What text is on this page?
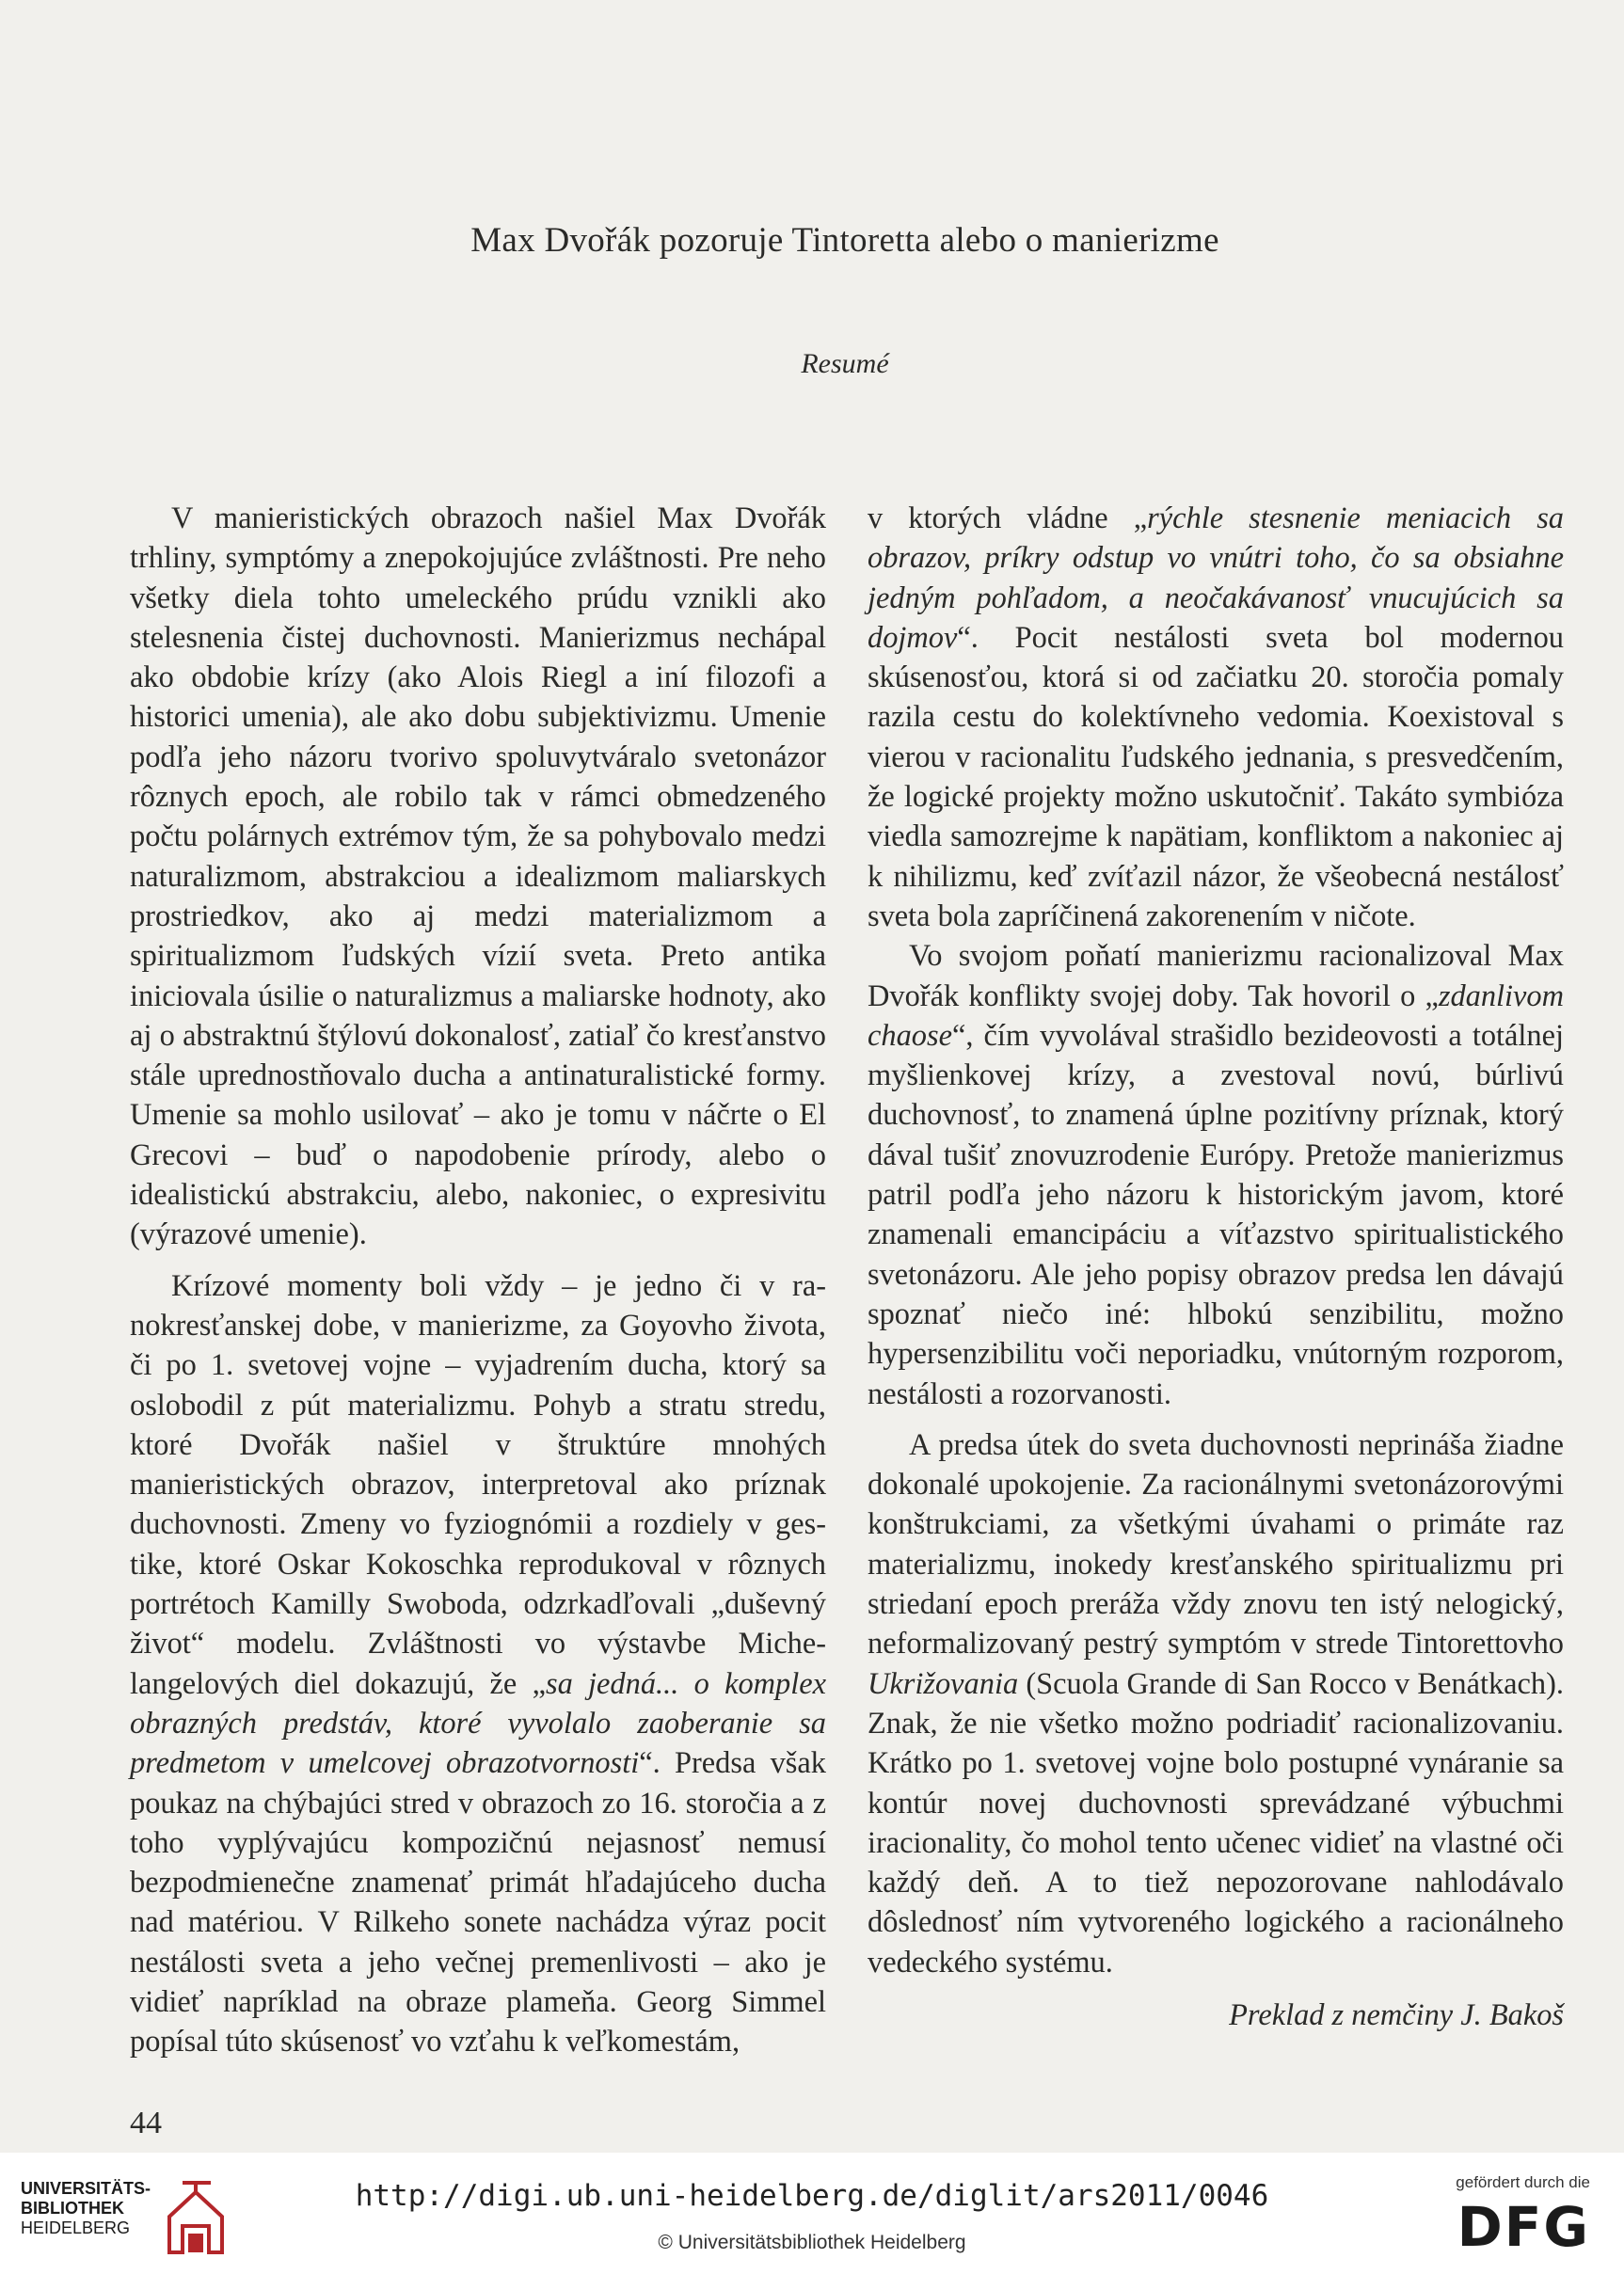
Max Dvořák pozoruje Tintoretta alebo o manierizme
Resumé

V manieristických obrazoch našiel Max Dvořák trhliny, symptómy a znepokojujúce zvláštnosti. Pre neho všetky diela tohto umeleckého prúdu vznikli ako stelesnenia čistej duchovnosti. Manierizmus nechápal ako obdobie krízy (ako Alois Riegl a iní filozofi a historici umenia), ale ako dobu subjektivizmu. Umenie podľa jeho názoru tvorivo spoluvytváralo svetonázor rôznych epoch, ale robilo tak v rámci obmedzeného počtu polárnych extrémov tým, že sa pohybovalo medzi naturalizmom, abstrakciou a idealizmom maliarskych prostriedkov, ako aj medzi materializmom a spiritualizmom ľudských vízií sveta. Preto antika iniciovala úsilie o naturalizmus a maliarske hodnoty, ako aj o abstraktnú štýlovú dokonalosť, zatiaľ čo kresťanstvo stále uprednostňovalo ducha a antinaturalistické formy. Umenie sa mohlo usilovať – ako je tomu v náčrte o El Grecovi – buď o napodobenie prírody, alebo o idealistickú abstrakciu, alebo, nakoniec, o expresivitu (výrazové umenie).

Krízové momenty boli vždy – je jedno či v ranokresťanskej dobe, v manierizme, za Goyovho života, či po 1. svetovej vojne – vyjadrením ducha, ktorý sa oslobodil z pút materializmu. Pohyb a stratu stredu, ktoré Dvořák našiel v štruktúre mnohých manieristických obrazov, interpretoval ako príznak duchovnosti. Zmeny vo fyziognómii a rozdiely v gestike, ktoré Oskar Kokoschka reprodukoval v rôznych portrétoch Kamilly Swoboda, odzrkadľovali „duševný život“ modelu. Zvláštnosti vo výstavbe Michelangelových diel dokazujú, že „sa jedná... o komplex obrazných predstáv, ktoré vyvolalo zaoberanie sa predmetom v umelcovej obrazotvornosti“. Predsa však poukaz na chýbajúci stred v obrazoch zo 16. storočia a z toho vyplývajúcu kompozičnú nejasnosť nemusí bezpodmienečne znamenať primát hľadajúceho ducha nad matériou. V Rilkeho sonete nachádza výraz pocit nestálosti sveta a jeho večnej premenlivosti – ako je vidieť napríklad na obraze plameňa. Georg Simmel popísal túto skúsenosť vo vzťahu k veľkomestám,

v ktorých vládne „rýchle stesnenie meniacich sa obrazov, príkry odstup vo vnútri toho, čo sa obsiahne jedným pohľadom, a neočakávanosť vnucujúcich sa dojmov“. Pocit nestálosti sveta bol modernou skúsenosťou, ktorá si od začiatku 20. storočia pomaly razila cestu do kolektívneho vedomia. Koexistoval s vierou v racionalitu ľudského jednania, s presvedčením, že logické projekty možno uskutočniť. Takáto symbióza viedla samozrejme k napätiam, konfliktom a nakoniec aj k nihilizmu, keď zvíťazil názor, že všeobecná nestálosť sveta bola zapríčinená zakorenením v ničote.

Vo svojom poňatí manierizmu racionalizoval Max Dvořák konflikty svojej doby. Tak hovoril o „zdanlivom chaose“, čím vyvolával strašidlo bezideovosti a totálnej myšlienkovej krízy, a zvestoval novú, búrlivú duchovnosť, to znamená úplne pozitívny príznak, ktorý dával tušiť znovuzrodenie Európy. Pretože manierizmus patril podľa jeho názoru k historickým javom, ktoré znamenali emancipáciu a víťazstvo spiritualistického svetonázoru. Ale jeho popisy obrazov predsa len dávajú spoznať niečo iné: hlbokú senzibilitu, možno hypersenzibilitu voči neporiadku, vnútorným rozporom, nestálosti a rozorvanosti.

A predsa útek do sveta duchovnosti neprináša žiadne dokonalé upokojenie. Za racionálnymi svetonázorovými konštrukciami, za všetkými úvahami o primáte raz materializmu, inokedy kresťanského spiritualizmu pri striedaní epoch preráža vždy znovu ten istý nelogický, neformalizovaný pestrý symptóm v strede Tintorettovho Ukrižovania (Scuola Grande di San Rocco v Benátkach). Znak, že nie všetko možno podriadiť racionalizovaniu. Krátko po 1. svetovej vojne bolo postupné vynáranie sa kontúr novej duchovnosti sprevádzané výbuchmi iracionality, čo mohol tento učenec vidieť na vlastné oči každý deň. A to tiež nepozorovane nahlodávalo dôslednosť ním vytvoreného logického a racionálneho vedeckého systému.

Preklad z nemčiny J. Bakoš
44
UNIVERSITÄTS-
BIBLIOTHEK
HEIDELBERG
http://digi.ub.uni-heidelberg.de/diglit/ars2011/0046
© Universitätsbibliothek Heidelberg
gefördert durch die
DFG
